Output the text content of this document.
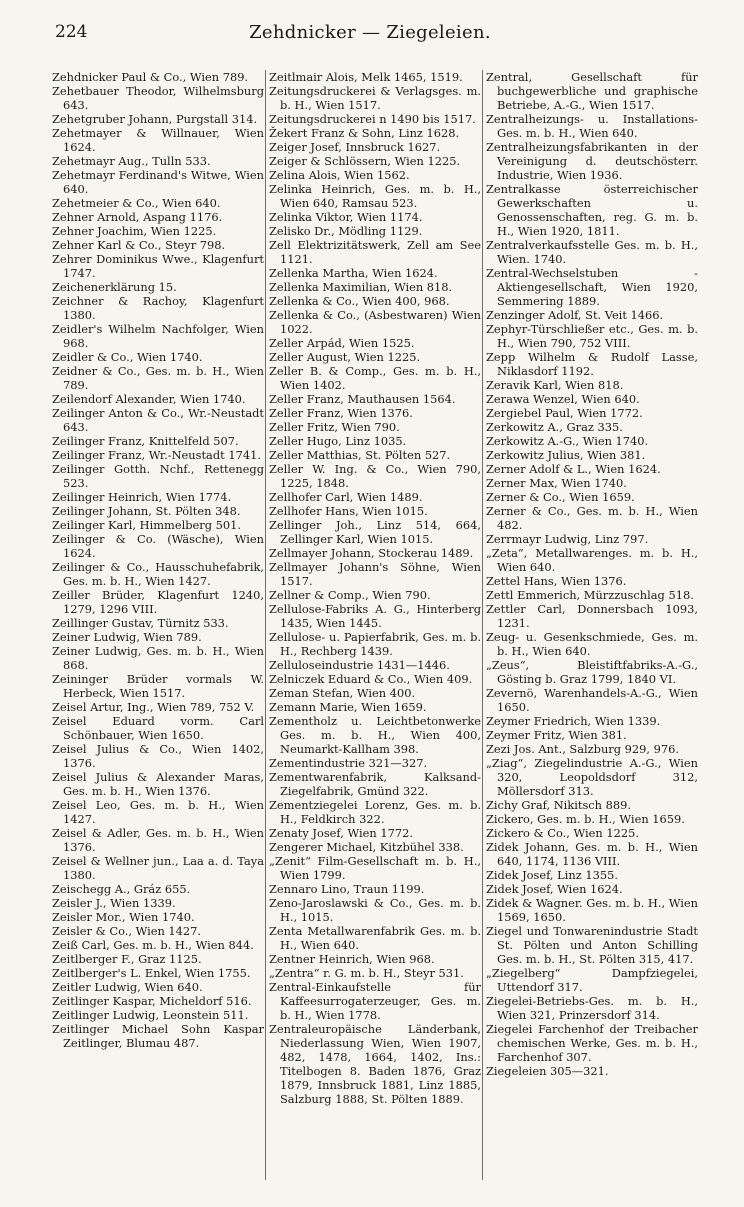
224	Zehdnicker — Ziegeleien.

Zehdnicker Paul & Co., Wien 789.

Zehetbauer Theodor, Wilhelmsburg 643.

Zehetgruber Johann, Purgstall 314.

Zehetmayer & Willnauer, Wien 1624.

Zehetmayr Aug., Tulln 533.

Zehetmayr Ferdinand's Witwe, Wien 640.

Zehetmeier & Co., Wien 640.

Zehner Arnold, Aspang 1176.

Zehner Joachim, Wien 1225.

Zehner Karl & Co., Steyr 798.

Zehrer Dominikus Wwe., Klagenfurt 1747.

Zeichenerklärung 15.

Zeichner & Rachoy, Klagenfurt 1380.

Zeidler's Wilhelm Nachfolger, Wien 968.

Zeidler & Co., Wien 1740.

Zeidner & Co., Ges. m. b. H., Wien 789.

Zeilendorf Alexander, Wien 1740.

Zeilinger Anton & Co., Wr.-Neustadt 643.

Zeilinger Franz, Knittelfeld 507.

Zeilinger Franz, Wr.-Neustadt 1741.

Zeilinger Gotth. Nchf., Rettenegg 523.

Zeilinger Heinrich, Wien 1774.

Zeilinger Johann, St. Pölten 348.

Zeilinger Karl, Himmelberg 501.

Zeilinger & Co. (Wäsche), Wien 1624.

Zeilinger & Co., Hausschuhefabrik, Ges. m. b. H., Wien 1427.

Zeiller Brüder, Klagenfurt 1240, 1279, 1296 VIII.

Zeillinger Gustav, Türnitz 533.

Zeiner Ludwig, Wien 789.

Zeiner Ludwig, Ges. m. b. H., Wien 868.

Zeininger Brüder vormals W. Herbeck, Wien 1517.

Zeisel Artur, Ing., Wien 789, 752 V.

Zeisel Eduard vorm. Carl Schönbauer, Wien 1650.

Zeisel Julius & Co., Wien 1402, 1376.

Zeisel Julius & Alexander Maras, Ges. m. b. H., Wien 1376.

Zeisel Leo, Ges. m. b. H., Wien 1427.

Zeisel & Adler, Ges. m. b. H., Wien 1376.

Zeisel & Wellner jun., Laa a. d. Taya 1380.

Zeischegg A., Gráz 655.

Zeisler J., Wien 1339.

Zeisler Mor., Wien 1740.

Zeisler & Co., Wien 1427.

Zeiß Carl, Ges. m. b. H., Wien 844.

Zeitlberger F., Graz 1125.

Zeitlberger's L. Enkel, Wien 1755.

Zeitler Ludwig, Wien 640.

Zeitlinger Kaspar, Micheldorf 516.

Zeitlinger Ludwig, Leonstein 511.

Zeitlinger Michael Sohn Kaspar Zeitlinger, Blumau 487.

Zeitlmair Alois, Melk 1465, 1519.

Zeitungsdruckerei & Verlagsges. m. b. H., Wien 1517.

Zeitungsdruckerei n 1490 bis 1517.

Žekert Franz & Sohn, Linz 1628.

Zeiger Josef, Innsbruck 1627.

Zeiger & Schlössern, Wien 1225.

Zelina Alois, Wien 1562.

Zelinka Heinrich, Ges. m. b. H., Wien 640, Ramsau 523.

Zelinka Viktor, Wien 1174.

Zelisko Dr., Mödling 1129.

Zell Elektrizitätswerk, Zell am See 1121.

Zellenka Martha, Wien 1624.

Zellenka Maximilian, Wien 818.

Zellenka & Co., Wien 400, 968.

Zellenka & Co., (Asbestwaren) Wien 1022.

Zeller Arpád, Wien 1525.

Zeller August, Wien 1225.

Zeller B. & Comp., Ges. m. b. H., Wien 1402.

Zeller Franz, Mauthausen 1564.

Zeller Franz, Wien 1376.

Zeller Fritz, Wien 790.

Zeller Hugo, Linz 1035.

Zeller Matthias, St. Pölten 527.

Zeller W. Ing. & Co., Wien 790, 1225, 1848.

Zellhofer Carl, Wien 1489.

Zellhofer Hans, Wien 1015.

Zellinger Joh., Linz 514, 664, Zellinger Karl, Wien 1015.

Zellmayer Johann, Stockerau 1489.

Zellmayer Johann's Söhne, Wien 1517.

Zellner & Comp., Wien 790.

Zellulose-Fabriks A. G., Hinterberg 1435, Wien 1445.

Zellulose- u. Papierfabrik, Ges. m. b. H., Rechberg 1439.

Zelluloseindustrie 1431—1446.

Zelniczek Eduard & Co., Wien 409.

Zeman Stefan, Wien 400.

Zemann Marie, Wien 1659.

Zementholz u. Leichtbetonwerke Ges. m. b. H., Wien 400, Neumarkt-Kallham 398.

Zementindustrie 321—327.

Zementwarenfabrik, Kalksand-Ziegelfabrik, Gmünd 322.

Zementziegelei Lorenz, Ges. m. b. H., Feldkirch 322.

Zenaty Josef, Wien 1772.

Zengerer Michael, Kitzbühel 338.

„Zenit“ Film-Gesellschaft m. b. H., Wien 1799.

Zennaro Lino, Traun 1199.

Zeno-Jaroslawski & Co., Ges. m. b. H., 1015.

Zenta Metallwarenfabrik Ges. m. b. H., Wien 640.

Zentner Heinrich, Wien 968.

„Zentra“ r. G. m. b. H., Steyr 531.

Zentral-Einkaufstelle für Kaffeesurrogaterzeuger, Ges. m. b. H., Wien 1778.

Zentraleuropäische Länderbank, Niederlassung Wien, Wien 1907, 482, 1478, 1664, 1402, Ins.: Titelbogen 8. Baden 1876, Graz 1879, Innsbruck 1881, Linz 1885, Salzburg 1888, St. Pölten 1889.

Zentral, Gesellschaft für buchgewerbliche und graphische Betriebe, A.-G., Wien 1517.

Zentralheizungs- u. Installations-Ges. m. b. H., Wien 640.

Zentralheizungsfabrikanten in der Vereinigung d. deutschösterr. Industrie, Wien 1936.

Zentralkasse österreichischer Gewerkschaften u. Genossenschaften, reg. G. m. b. H., Wien 1920, 1811.

Zentralverkaufsstelle Ges. m. b. H., Wien. 1740.

Zentral-Wechselstuben - Aktiengesellschaft, Wien 1920, Semmering 1889.

Zenzinger Adolf, St. Veit 1466.

Zephyr-Türschließer etc., Ges. m. b. H., Wien 790, 752 VIII.

Zepp Wilhelm & Rudolf Lasse, Niklasdorf 1192.

Zeravik Karl, Wien 818.

Zerawa Wenzel, Wien 640.

Zergiebel Paul, Wien 1772.

Zerkowitz A., Graz 335.

Zerkowitz A.-G., Wien 1740.

Zerkowitz Julius, Wien 381.

Zerner Adolf & L., Wien 1624.

Zerner Max, Wien 1740.

Zerner & Co., Wien 1659.

Zerner & Co., Ges. m. b. H., Wien 482.

Zerrmayr Ludwig, Linz 797.

„Zeta“, Metallwarenges. m. b. H., Wien 640.

Zettel Hans, Wien 1376.

Zettl Emmerich, Mürzzuschlag 518.

Zettler Carl, Donnersbach 1093, 1231.

Zeug- u. Gesenkschmiede, Ges. m. b. H., Wien 640.

„Zeus“, Bleistiftfabriks-A.-G., Gösting b. Graz 1799, 1840 VI.

Zevernö, Warenhandels-A.-G., Wien 1650.

Zeymer Friedrich, Wien 1339.

Zeymer Fritz, Wien 381.

Zezi Jos. Ant., Salzburg 929, 976.

„Ziag“, Ziegelindustrie A.-G., Wien 320, Leopoldsdorf 312, Möllersdorf 313.

Zichy Graf, Nikitsch 889.

Zickero, Ges. m. b. H., Wien 1659.

Zickero & Co., Wien 1225.

Zidek Johann, Ges. m. b. H., Wien 640, 1174, 1136 VIII.

Zidek Josef, Linz 1355.

Zidek Josef, Wien 1624.

Zidek & Wagner. Ges. m. b. H., Wien 1569, 1650.

Ziegel und Tonwarenindustrie Stadt St. Pölten und Anton Schilling Ges. m. b. H., St. Pölten 315, 417.

„Ziegelberg“ Dampfziegelei, Uttendorf 317.

Ziegelei-Betriebs-Ges. m. b. H., Wien 321, Prinzersdorf 314.

Ziegelei Farchenhof der Treibacher chemischen Werke, Ges. m. b. H., Farchenhof 307.

Ziegeleien 305—321.
